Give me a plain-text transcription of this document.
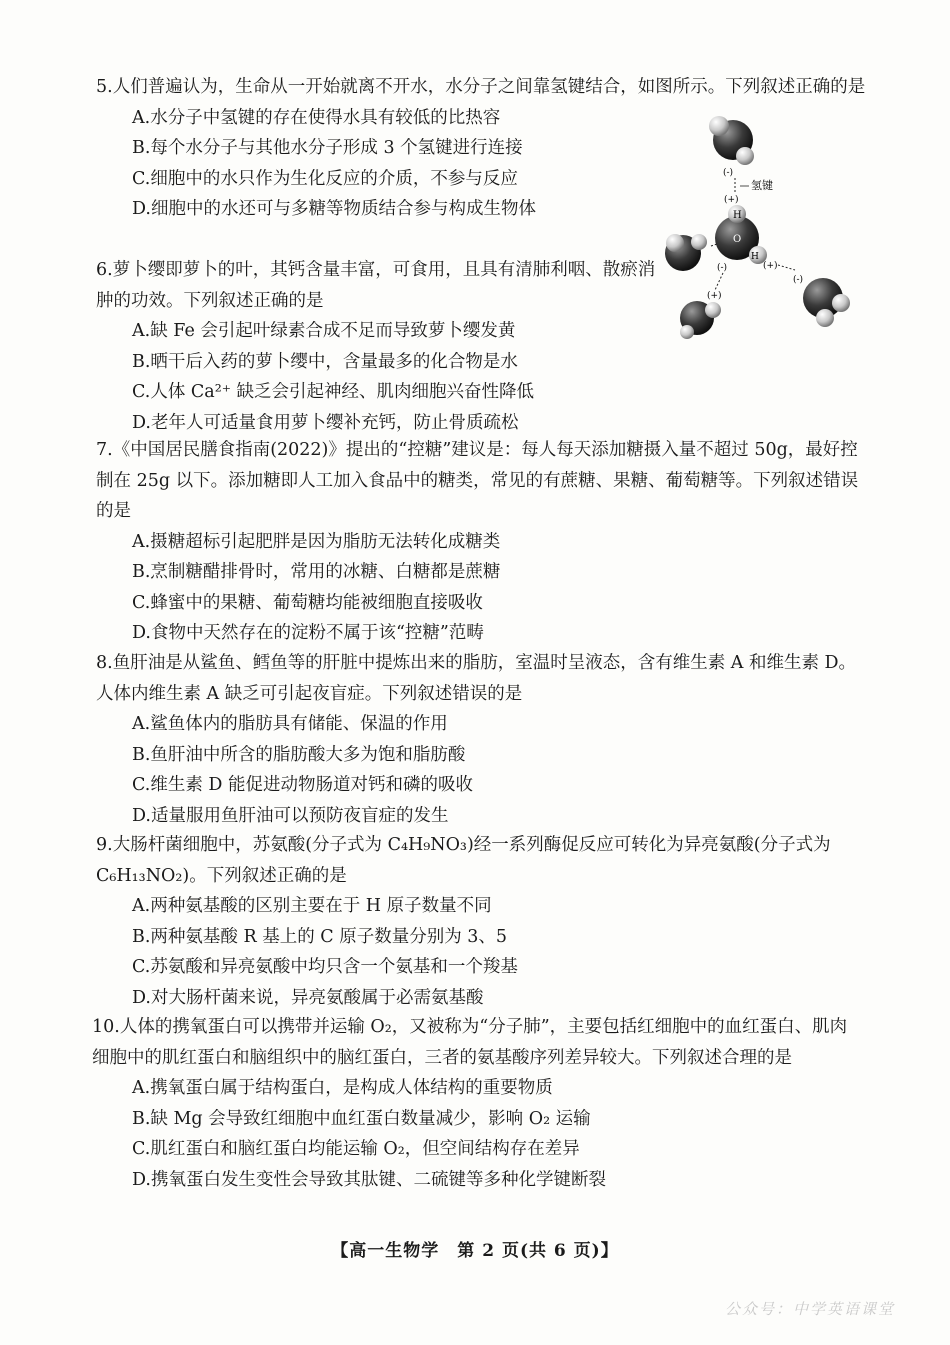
5.人们普遍认为，生命从一开始就离不开水，水分子之间靠氢键结合，如图所示。下列叙述正确的是

A.水分子中氢键的存在使得水具有较低的比热容

B.每个水分子与其他水分子形成 3 个氢键进行连接

C.细胞中的水只作为生化反应的介质，不参与反应

D.细胞中的水还可与多糖等物质结合参与构成生物体

6.萝卜缨即萝卜的叶，其钙含量丰富，可食用，且具有清肺利咽、散瘀消肿的功效。下列叙述正确的是

A.缺 Fe 会引起叶绿素合成不足而导致萝卜缨发黄

B.晒干后入药的萝卜缨中，含量最多的化合物是水

C.人体 Ca²⁺ 缺乏会引起神经、肌肉细胞兴奋性降低

D.老年人可适量食用萝卜缨补充钙，防止骨质疏松

7.《中国居民膳食指南(2022)》提出的“控糖”建议是：每人每天添加糖摄入量不超过 50g，最好控制在 25g 以下。添加糖即人工加入食品中的糖类，常见的有蔗糖、果糖、葡萄糖等。下列叙述错误的是

A.摄糖超标引起肥胖是因为脂肪无法转化成糖类

B.烹制糖醋排骨时，常用的冰糖、白糖都是蔗糖

C.蜂蜜中的果糖、葡萄糖均能被细胞直接吸收

D.食物中天然存在的淀粉不属于该“控糖”范畴

8.鱼肝油是从鲨鱼、鳕鱼等的肝脏中提炼出来的脂肪，室温时呈液态，含有维生素 A 和维生素 D。人体内维生素 A 缺乏可引起夜盲症。下列叙述错误的是

A.鲨鱼体内的脂肪具有储能、保温的作用

B.鱼肝油中所含的脂肪酸大多为饱和脂肪酸

C.维生素 D 能促进动物肠道对钙和磷的吸收

D.适量服用鱼肝油可以预防夜盲症的发生

9.大肠杆菌细胞中，苏氨酸(分子式为 C₄H₉NO₃)经一系列酶促反应可转化为异亮氨酸(分子式为 C₆H₁₃NO₂)。下列叙述正确的是

A.两种氨基酸的区别主要在于 H 原子数量不同

B.两种氨基酸 R 基上的 C 原子数量分别为 3、5

C.苏氨酸和异亮氨酸中均只含一个氨基和一个羧基

D.对大肠杆菌来说，异亮氨酸属于必需氨基酸

10.人体的携氧蛋白可以携带并运输 O₂，又被称为“分子肺”，主要包括红细胞中的血红蛋白、肌肉细胞中的肌红蛋白和脑组织中的脑红蛋白，三者的氨基酸序列差异较大。下列叙述合理的是

A.携氧蛋白属于结构蛋白，是构成人体结构的重要物质

B.缺 Mg 会导致红细胞中血红蛋白数量减少，影响 O₂ 运输

C.肌红蛋白和脑红蛋白均能运输 O₂，但空间结构存在差异

D.携氧蛋白发生变性会导致其肽键、二硫键等多种化学键断裂

(-)
氢键
(+)
H
O
H
(+)
(-)
(-)
(+)
【高一生物学　第 2 页(共 6 页)】
公众号：中学英语课堂
